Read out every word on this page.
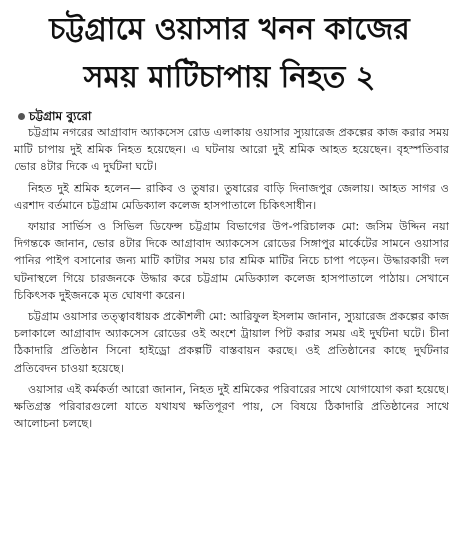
চট্টগ্রামে ওয়াসার খনন কাজের
সময় মাটিচাপায় নিহত ২
চট্টগ্রাম ব্যুরো

চট্টগ্রাম নগরের আগ্রাবাদ অ্যাকসেস রোড এলাকায় ওয়াসার স্যুয়ারেজ প্রকল্পের কাজ করার সময় মাটি চাপায় দুই শ্রমিক নিহত হয়েছেন। এ ঘটনায় আরো দুই শ্রমিক আহত হয়েছেন। বৃহস্পতিবার ভোর ৪টার দিকে এ দুর্ঘটনা ঘটে।

নিহত দুই শ্রমিক হলেন— রাকিব ও তুষার। তুষারের বাড়ি দিনাজপুর জেলায়। আহত সাগর ও এরশাদ বর্তমানে চট্টগ্রাম মেডিক্যাল কলেজ হাসপাতালে চিকিৎসাধীন।

ফায়ার সার্ভিস ও সিভিল ডিফেন্স চট্টগ্রাম বিভাগের উপ-পরিচালক মো: জসিম উদ্দিন নয়া দিগন্তকে জানান, ভোর ৪টার দিকে আগ্রাবাদ অ্যাকসেস রোডের সিঙ্গাপুর মার্কেটের সামনে ওয়াসার পানির পাইপ বসানোর জন্য মাটি কাটার সময় চার শ্রমিক মাটির নিচে চাপা পড়েন। উদ্ধারকারী দল ঘটনাস্থলে গিয়ে চারজনকে উদ্ধার করে চট্টগ্রাম মেডিক্যাল কলেজ হাসপাতালে পাঠায়। সেখানে চিকিৎসক দুইজনকে মৃত ঘোষণা করেন।

চট্টগ্রাম ওয়াসার তত্ত্বাবধায়ক প্রকৌশলী মো: আরিফুল ইসলাম জানান, স্যুয়ারেজ প্রকল্পের কাজ চলাকালে আগ্রাবাদ অ্যাকসেস রোডের ওই অংশে ট্রায়াল পিট করার সময় এই দুর্ঘটনা ঘটে। চীনা ঠিকাদারি প্রতিষ্ঠান সিনো হাইড্রো প্রকল্পটি বাস্তবায়ন করছে। ওই প্রতিষ্ঠানের কাছে দুর্ঘটনার প্রতিবেদন চাওয়া হয়েছে।

ওয়াসার এই কর্মকর্তা আরো জানান, নিহত দুই শ্রমিকের পরিবারের সাথে যোগাযোগ করা হয়েছে। ক্ষতিগ্রস্ত পরিবারগুলো যাতে যথাযথ ক্ষতিপূরণ পায়, সে বিষয়ে ঠিকাদারি প্রতিষ্ঠানের সাথে আলোচনা চলছে।
